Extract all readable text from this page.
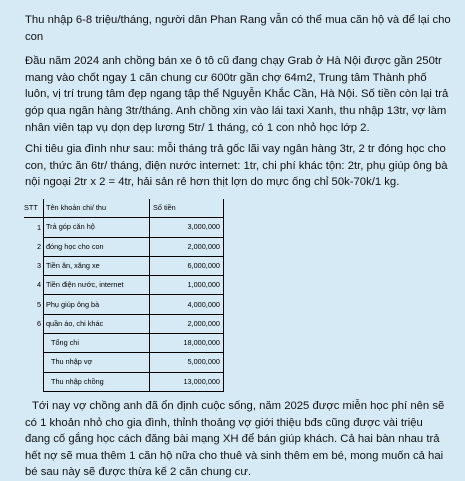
Thu nhập 6-8 triệu/tháng, người dân Phan Rang vẫn có thể mua căn hộ và để lại cho con

Đầu năm 2024 anh chồng bán xe ô tô cũ đang chạy Grab ở Hà Nội được gần 250tr mang vào chốt ngay 1 căn chung cư 600tr gần chợ 64m2, Trung tâm Thành phố luôn, vị trí trung tâm đẹp ngang tập thể Nguyễn Khắc Cần, Hà Nội. Số tiền còn lại trả góp qua ngân hàng 3tr/tháng. Anh chồng xin vào lái taxi Xanh, thu nhập 13tr, vợ làm nhân viên tạp vụ dọn dẹp lương 5tr/ 1 tháng, có 1 con nhỏ học lớp 2.

Chi tiêu gia đình như sau: mỗi tháng trả gốc lãi vay ngân hàng 3tr, 2 tr đóng học cho con, thức ăn 6tr/ tháng, điện nước internet: 1tr, chi phí khác tộn: 2tr, phụ giúp ông bà nội ngoại 2tr x 2 = 4tr, hải sản rẻ hơn thịt lợn do mực ống chỉ 50k-70k/1 kg.

STT	Tên khoản chi/ thu	Số tiền
1	Trả góp căn hộ	3,000,000
2	đóng học cho con	2,000,000
3	Tiền ăn, xăng xe	6,000,000
4	Tiền điện nước, internet	1,000,000
5	Phụ giúp ông bà	4,000,000
6	quần áo, chi khác	2,000,000
	Tổng chi	18,000,000
	Thu nhập vợ	5,000,000
	Thu nhập chồng	13,000,000

Tới nay vợ chồng anh đã ổn định cuộc sống, năm 2025 được miễn học phí nên sẽ có 1 khoản nhỏ cho gia đình, thỉnh thoảng vợ giới thiệu bđs cũng được vài triệu đang cố gắng học cách đăng bài mạng XH để bán giúp khách. Cả hai bàn nhau trả hết nợ sẽ mua thêm 1 căn hộ nữa cho thuê và sinh thêm em bé, mong muốn cả hai bé sau này sẽ được thừa kế 2 căn chung cư.
